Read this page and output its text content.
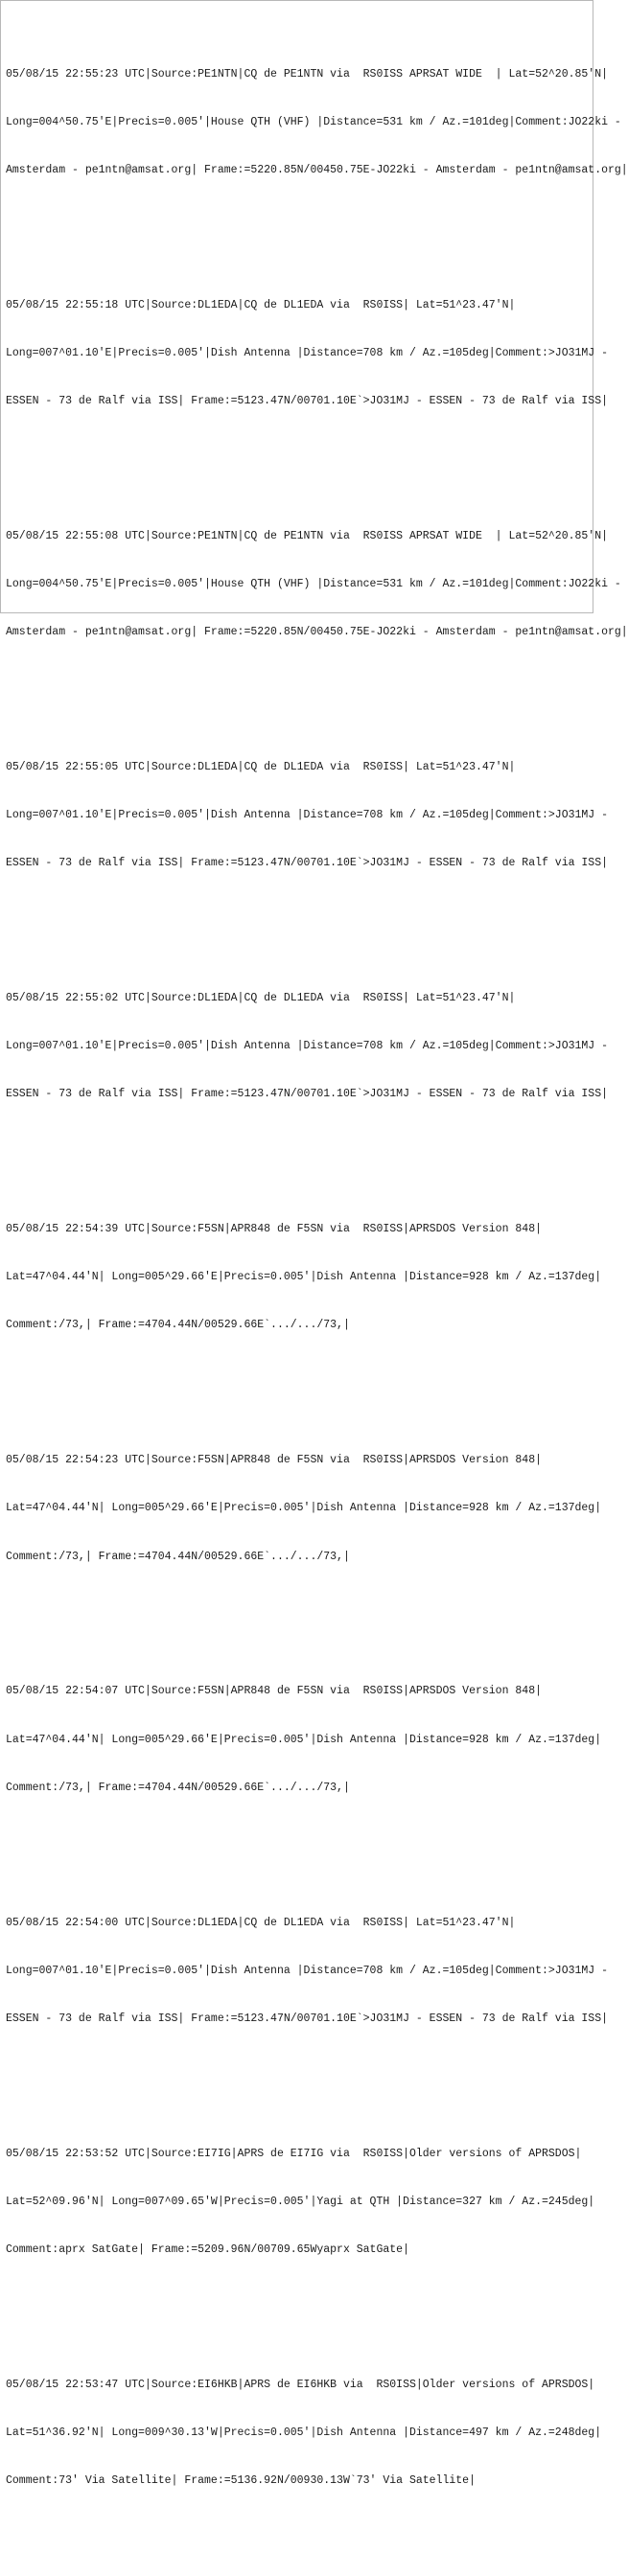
05/08/15 22:55:23 UTC|Source:PE1NTN|CQ de PE1NTN via  RS0ISS APRSAT WIDE  | Lat=52^20.85'N|

Long=004^50.75'E|Precis=0.005'|House QTH (VHF) |Distance=531 km / Az.=101deg|Comment:JO22ki -

Amsterdam - pe1ntn@amsat.org| Frame:=5220.85N/00450.75E-JO22ki - Amsterdam - pe1ntn@amsat.org|

05/08/15 22:55:18 UTC|Source:DL1EDA|CQ de DL1EDA via  RS0ISS| Lat=51^23.47'N|

Long=007^01.10'E|Precis=0.005'|Dish Antenna |Distance=708 km / Az.=105deg|Comment:>JO31MJ -

ESSEN - 73 de Ralf via ISS| Frame:=5123.47N/00701.10E`>JO31MJ - ESSEN - 73 de Ralf via ISS|

05/08/15 22:55:08 UTC|Source:PE1NTN|CQ de PE1NTN via  RS0ISS APRSAT WIDE  | Lat=52^20.85'N|

Long=004^50.75'E|Precis=0.005'|House QTH (VHF) |Distance=531 km / Az.=101deg|Comment:JO22ki -

Amsterdam - pe1ntn@amsat.org| Frame:=5220.85N/00450.75E-JO22ki - Amsterdam - pe1ntn@amsat.org|

05/08/15 22:55:05 UTC|Source:DL1EDA|CQ de DL1EDA via  RS0ISS| Lat=51^23.47'N|

Long=007^01.10'E|Precis=0.005'|Dish Antenna |Distance=708 km / Az.=105deg|Comment:>JO31MJ -

ESSEN - 73 de Ralf via ISS| Frame:=5123.47N/00701.10E`>JO31MJ - ESSEN - 73 de Ralf via ISS|

05/08/15 22:55:02 UTC|Source:DL1EDA|CQ de DL1EDA via  RS0ISS| Lat=51^23.47'N|

Long=007^01.10'E|Precis=0.005'|Dish Antenna |Distance=708 km / Az.=105deg|Comment:>JO31MJ -

ESSEN - 73 de Ralf via ISS| Frame:=5123.47N/00701.10E`>JO31MJ - ESSEN - 73 de Ralf via ISS|

05/08/15 22:54:39 UTC|Source:F5SN|APR848 de F5SN via  RS0ISS|APRSDOS Version 848|

Lat=47^04.44'N| Long=005^29.66'E|Precis=0.005'|Dish Antenna |Distance=928 km / Az.=137deg|

Comment:/73,| Frame:=4704.44N/00529.66E`.../.../73,|

05/08/15 22:54:23 UTC|Source:F5SN|APR848 de F5SN via  RS0ISS|APRSDOS Version 848|

Lat=47^04.44'N| Long=005^29.66'E|Precis=0.005'|Dish Antenna |Distance=928 km / Az.=137deg|

Comment:/73,| Frame:=4704.44N/00529.66E`.../.../73,|

05/08/15 22:54:07 UTC|Source:F5SN|APR848 de F5SN via  RS0ISS|APRSDOS Version 848|

Lat=47^04.44'N| Long=005^29.66'E|Precis=0.005'|Dish Antenna |Distance=928 km / Az.=137deg|

Comment:/73,| Frame:=4704.44N/00529.66E`.../.../73,|

05/08/15 22:54:00 UTC|Source:DL1EDA|CQ de DL1EDA via  RS0ISS| Lat=51^23.47'N|

Long=007^01.10'E|Precis=0.005'|Dish Antenna |Distance=708 km / Az.=105deg|Comment:>JO31MJ -

ESSEN - 73 de Ralf via ISS| Frame:=5123.47N/00701.10E`>JO31MJ - ESSEN - 73 de Ralf via ISS|

05/08/15 22:53:52 UTC|Source:EI7IG|APRS de EI7IG via  RS0ISS|Older versions of APRSDOS|

Lat=52^09.96'N| Long=007^09.65'W|Precis=0.005'|Yagi at QTH |Distance=327 km / Az.=245deg|

Comment:aprx SatGate| Frame:=5209.96N/00709.65Wyaprx SatGate|

05/08/15 22:53:47 UTC|Source:EI6HKB|APRS de EI6HKB via  RS0ISS|Older versions of APRSDOS|

Lat=51^36.92'N| Long=009^30.13'W|Precis=0.005'|Dish Antenna |Distance=497 km / Az.=248deg|

Comment:73' Via Satellite| Frame:=5136.92N/00930.13W`73' Via Satellite|
